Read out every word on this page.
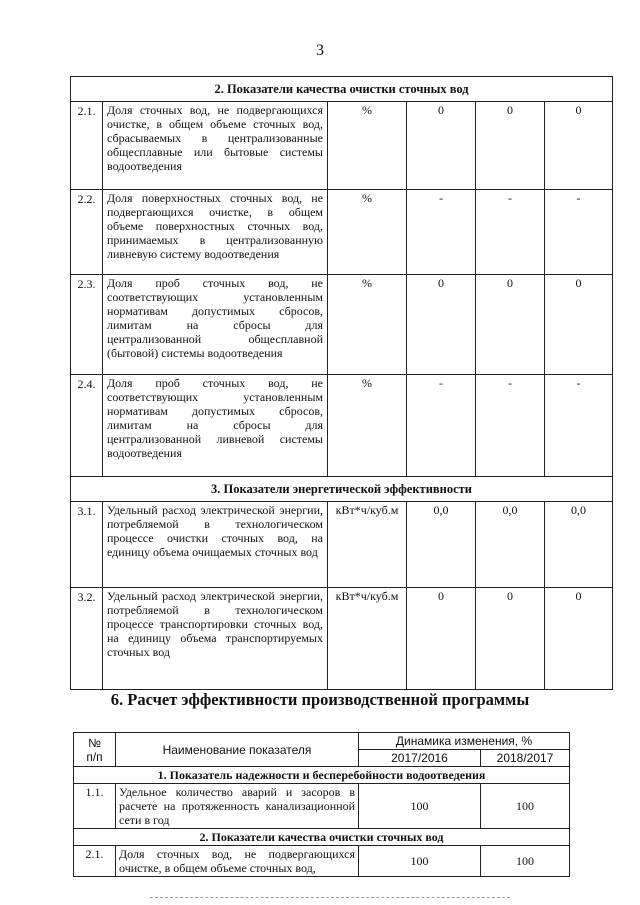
3
2. Показатели качества очистки сточных вод					
2.1.	Доля сточных вод, не подвергающихся очистке, в общем объеме сточных вод, сбрасываемых в централизованные общесплавные или бытовые системы водоотведения	%	0	0	0
2.2.	Доля поверхностных сточных вод, не подвергающихся очистке, в общем объеме поверхностных сточных вод, принимаемых в централизованную ливневую систему водоотведения	%	-	-	-
2.3.	Доля проб сточных вод, не соответствующих установленным нормативам допустимых сбросов, лимитам на сбросы для централизованной общесплавной (бытовой) системы водоотведения	%	0	0	0
2.4.	Доля проб сточных вод, не соответствующих установленным нормативам допустимых сбросов, лимитам на сбросы для централизованной ливневой системы водоотведения	%	-	-	-
3. Показатели энергетической эффективности					
3.1.	Удельный расход электрической энергии, потребляемой в технологическом процессе очистки сточных вод, на единицу объема очищаемых сточных вод	кВт*ч/куб.м	0,0	0,0	0,0
3.2.	Удельный расход электрической энергии, потребляемой в технологическом процессе транспортировки сточных вод, на единицу объема транспортируемых сточных вод	кВт*ч/куб.м	0	0	0
6. Расчет эффективности производственной программы
№
п/п	Наименование показателя	Динамика изменения, %	
		2017/2016	2018/2017
1. Показатель надежности и бесперебойности водоотведения			
1.1.	Удельное количество аварий и засоров в расчете на протяженность канализационной сети в год	100	100
2. Показатели качества очистки сточных вод			
2.1.	Доля сточных вод, не подвергающихся очистке, в общем объеме сточных вод,	100	100
